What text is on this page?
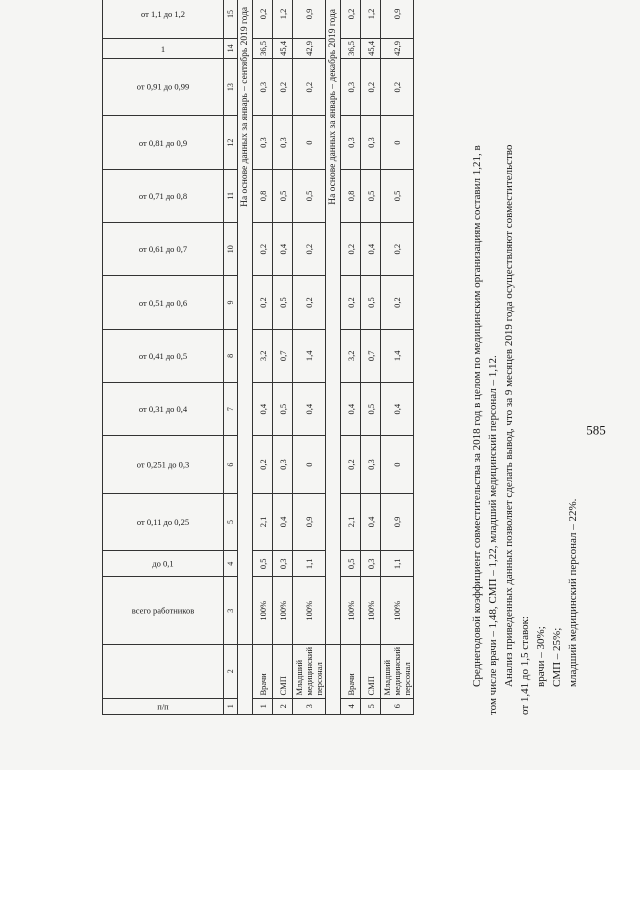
585
п/п		всего работников	до 0,1	от 0,11 до 0,25	от 0,251 до 0,3	от 0,31 до 0,4	от 0,41 до 0,5	от 0,51 до 0,6	от 0,61 до 0,7	от 0,71 до 0,8	от 0,81 до 0,9	от 0,91 до 0,99	1	от 1,1 до 1,2								
1	2	3	4	5	6	7	8	9	10	11	12	13	14	15								
		На основе данных за январь – сентябрь 2019 года																				
1	Врачи	100%	0,5	2,1	0,2	0,4	3,2	0,2	0,2	0,8	0,3	0,3	36,5	0,2								
2	СМП	100%	0,3	0,4	0,3	0,5	0,7	0,5	0,4	0,5	0,3	0,2	45,4	1,2								
3	Младший медицинский персонал	100%	1,1	0,9	0	0,4	1,4	0,2	0,2	0,5	0	0,2	42,9	0,9								
		На основе данных за январь – декабрь 2019 года																				
4	Врачи	100%	0,5	2,1	0,2	0,4	3,2	0,2	0,2	0,8	0,3	0,3	36,5	0,2								
5	СМП	100%	0,3	0,4	0,3	0,5	0,7	0,5	0,4	0,5	0,3	0,2	45,4	1,2								
6	Младший медицинский персонал	100%	1,1	0,9	0	0,4	1,4	0,2	0,2	0,5	0	0,2	42,9	0,9								
Среднегодовой коэффициент совместительства за 2018 год в целом по медицинским организациям составил 1,21, в том числе врачи – 1,48, СМП – 1,22, младший медицинский персонал – 1,12. Анализ приведенных данных позволяет сделать вывод, что за 9 месяцев 2019 года осуществляют совместительство от 1,41 до 1,5 ставок: врачи – 30%; СМП – 25%; младший медицинский персонал – 22%.
